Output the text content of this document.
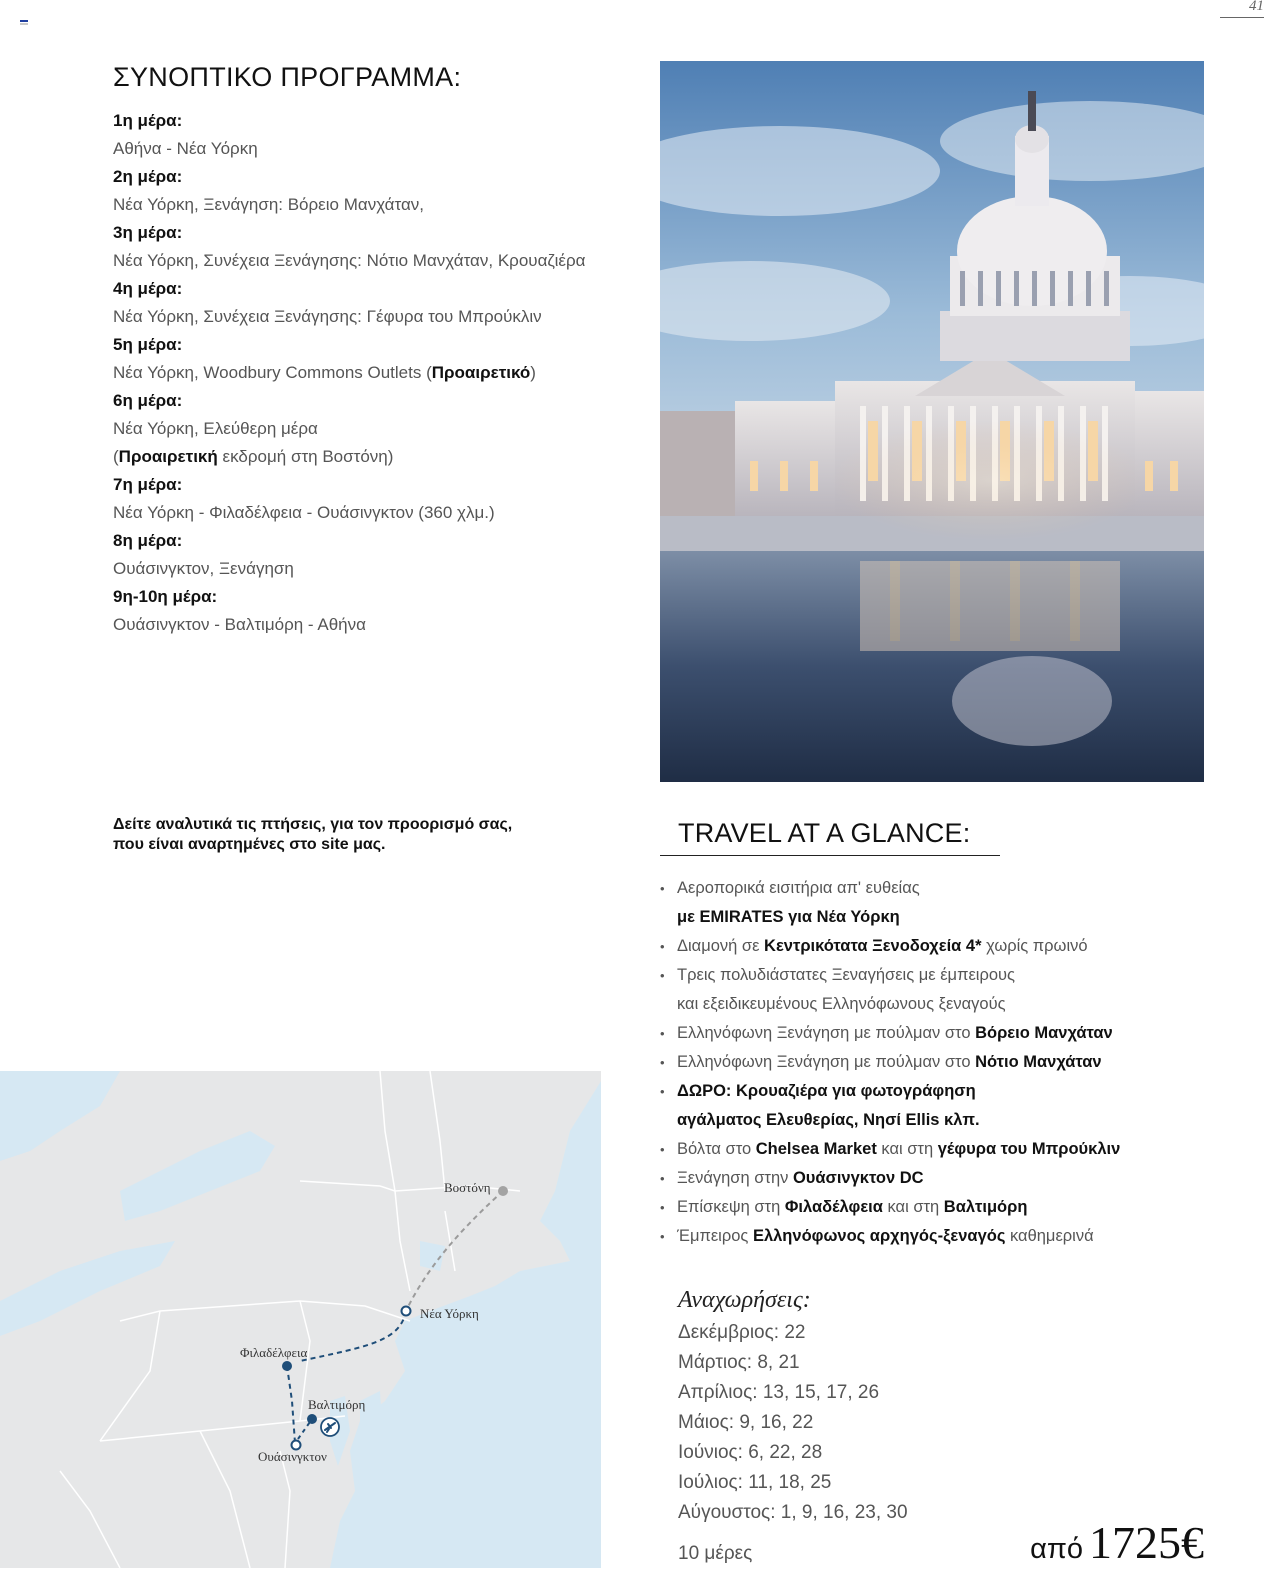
41
ΣΥΝΟΠΤΙΚΟ ΠΡΟΓΡΑΜΜΑ:
1η μέρα:
Αθήνα - Νέα Υόρκη
2η μέρα:
Νέα Υόρκη, Ξενάγηση: Βόρειο Μανχάταν,
3η μέρα:
Νέα Υόρκη, Συνέχεια Ξενάγησης: Νότιο Μανχάταν, Κρουαζιέρα
4η μέρα:
Νέα Υόρκη, Συνέχεια Ξενάγησης: Γέφυρα του Μπρούκλιν
5η μέρα:
Νέα Υόρκη, Woodbury Commons Outlets (Προαιρετικό)
6η μέρα:
Νέα Υόρκη, Ελεύθερη μέρα
(Προαιρετική εκδρομή στη Βοστόνη)
7η μέρα:
Νέα Υόρκη - Φιλαδέλφεια - Ουάσινγκτον (360 χλμ.)
8η μέρα:
Ουάσινγκτον, Ξενάγηση
9η-10η μέρα:
Ουάσινγκτον - Βαλτιμόρη - Αθήνα
Δείτε αναλυτικά τις πτήσεις, για τον προορισμό σας,
που είναι αναρτημένες στο site μας.	TRAVEL AT A GLANCE:
• Αεροπορικά εισιτήρια απ' ευθείας
με EMIRATES για Νέα Υόρκη
• Διαμονή σε Κεντρικότατα Ξενοδοχεία 4* χωρίς πρωινό
• Τρεις πολυδιάστατες Ξεναγήσεις με έμπειρους
και εξειδικευμένους Ελληνόφωνους ξεναγούς
• Ελληνόφωνη Ξενάγηση με πούλμαν στο Βόρειο Μανχάταν
• Ελληνόφωνη Ξενάγηση με πούλμαν στο Νότιο Μανχάταν
• ΔΩΡΟ: Κρουαζιέρα για φωτογράφηση
αγάλματος Ελευθερίας, Νησί Ellis κλπ.
• Βόλτα στο Chelsea Market και στη γέφυρα του Μπρούκλιν
• Ξενάγηση στην Ουάσινγκτον DC
• Επίσκεψη στη Φιλαδέλφεια και στη Βαλτιμόρη
• Έμπειρος Ελληνόφωνος αρχηγός-ξεναγός καθημερινά
Αναχωρήσεις:
Δεκέμβριος: 22
Μάρτιος: 8, 21
Απρίλιος: 13, 15, 17, 26
Μάιος: 9, 16, 22
Ιούνιος: 6, 22, 28
Ιούλιος: 11, 18, 25
Αύγουστος: 1, 9, 16, 23, 30
10 μέρες	από 1725€
Βοστόνη
Νέα Υόρκη
Φιλαδέλφεια
Βαλτιμόρη
Ουάσινγκτον
